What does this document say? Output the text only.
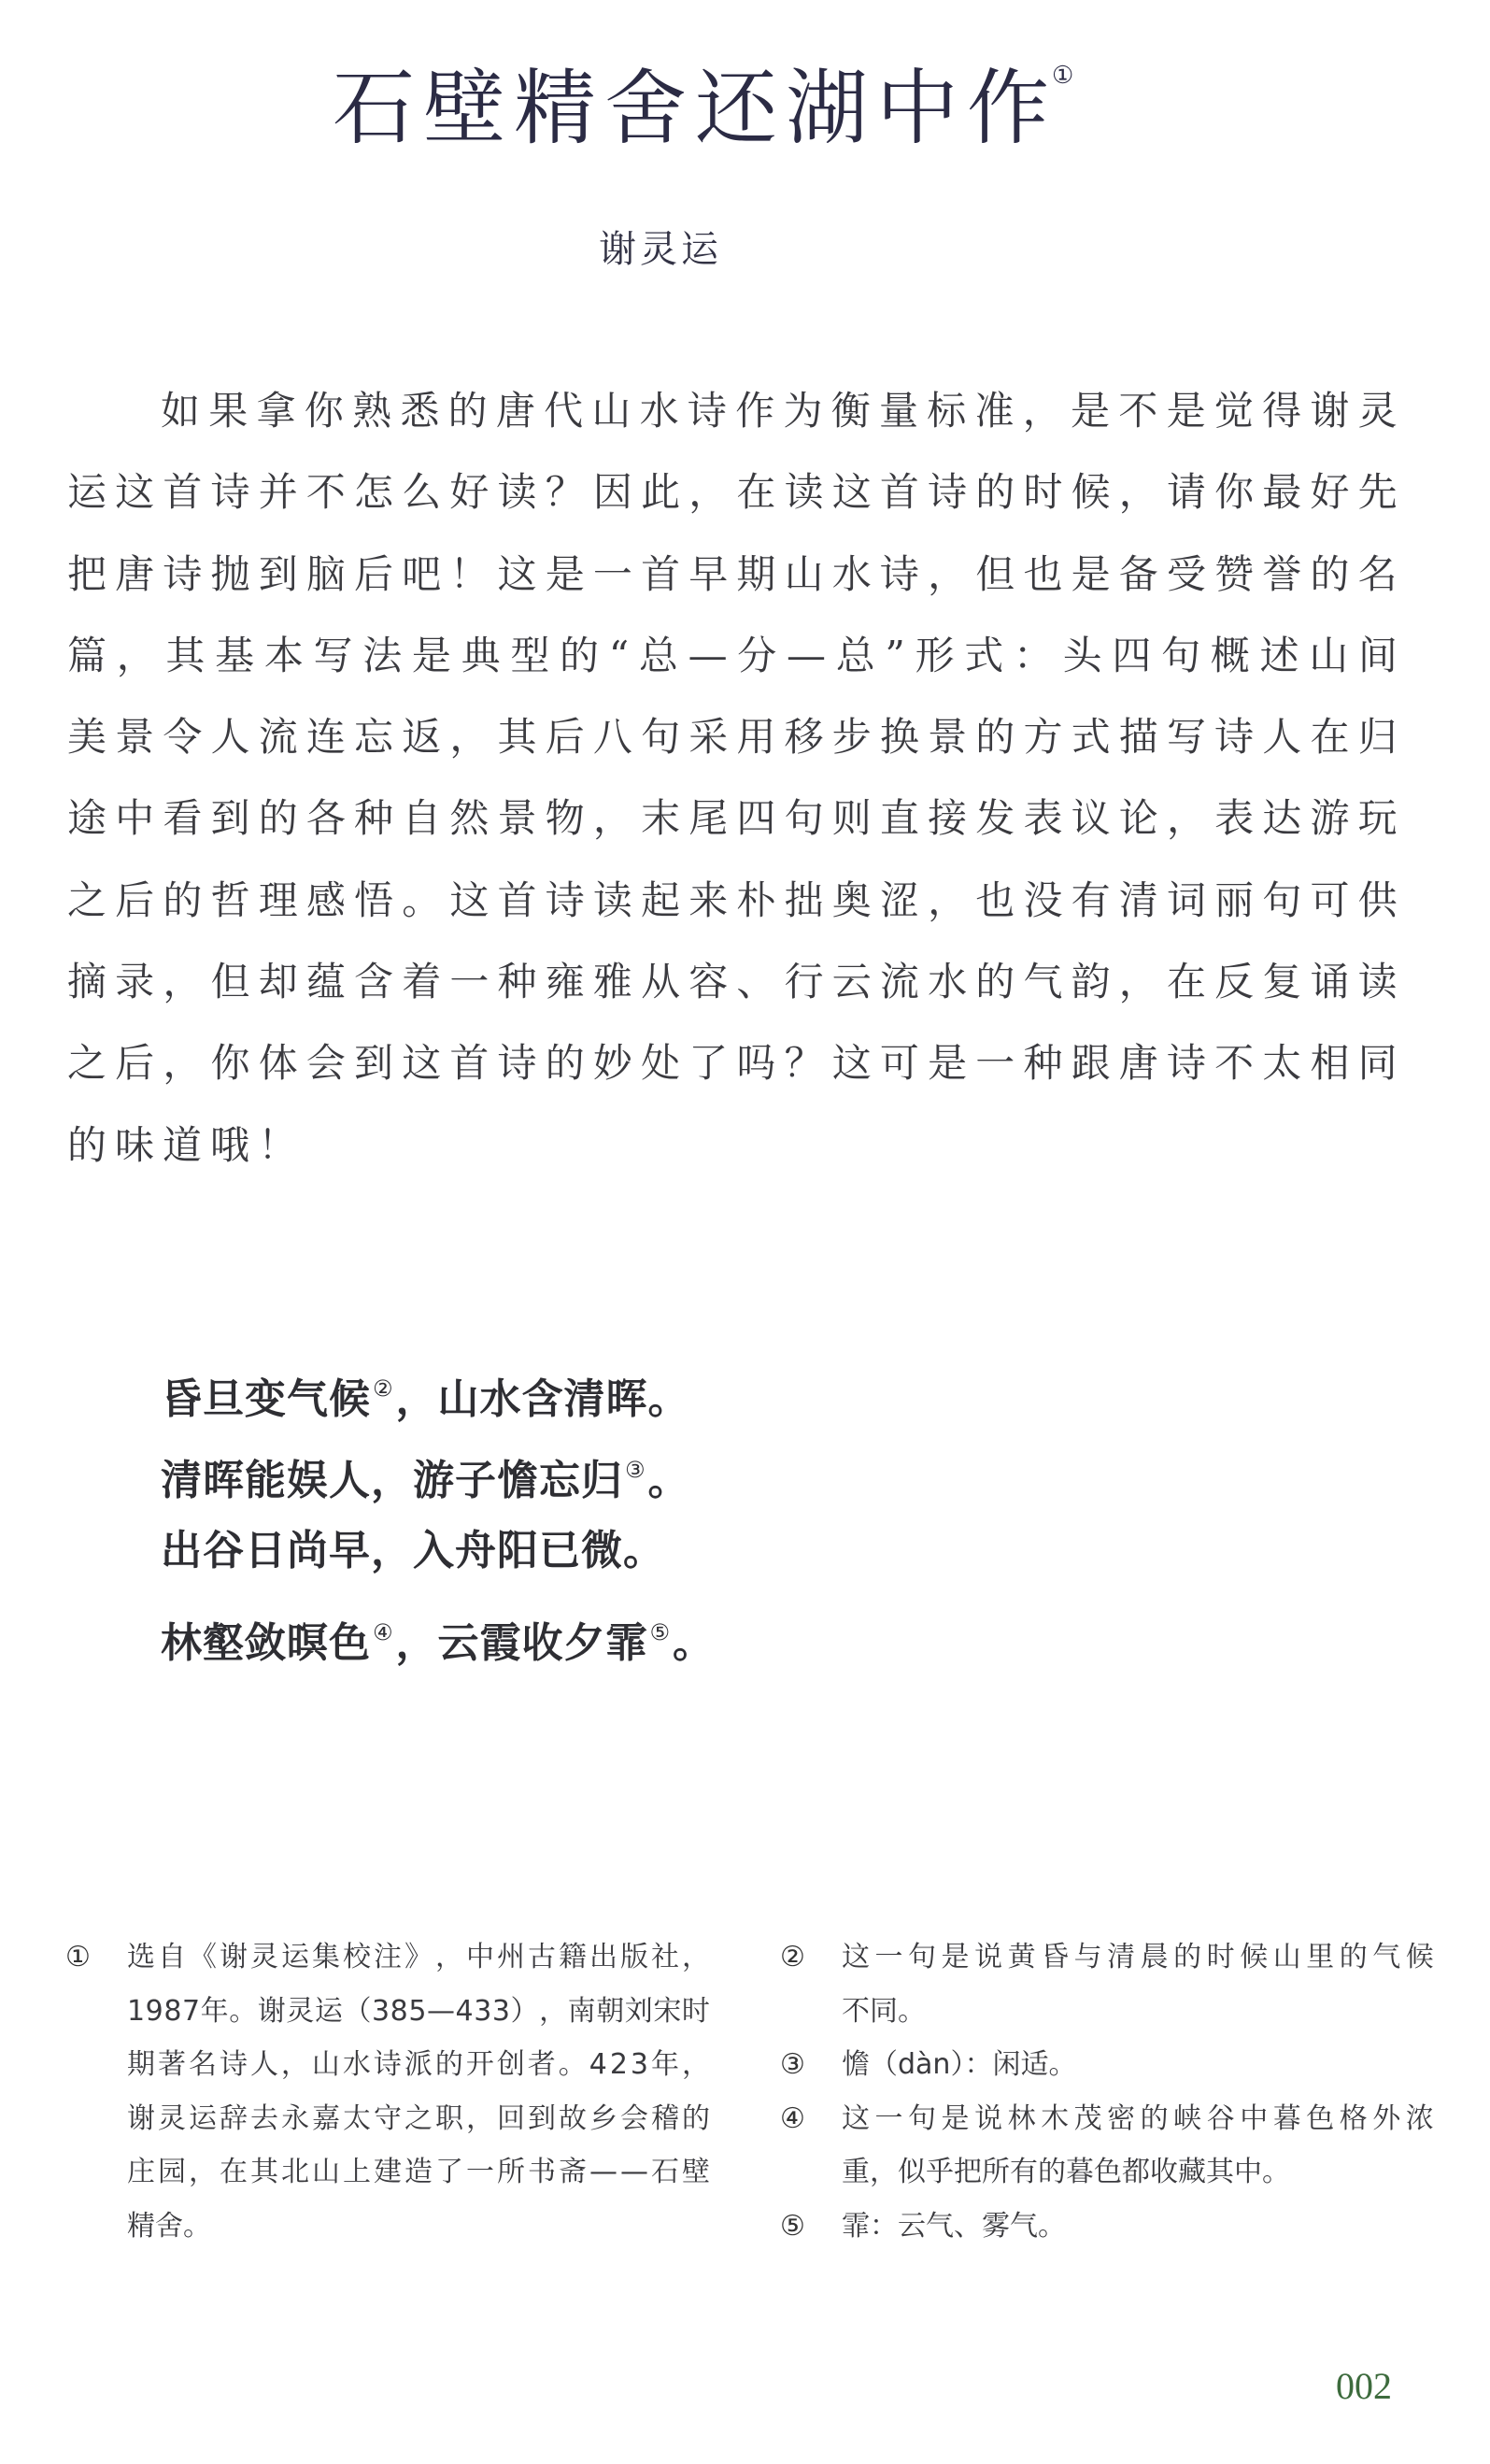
石壁精舍还湖中作
①
谢灵运
如 果 拿 你 熟 悉 的 唐 代 山 水 诗 作 为 衡 量 标 准 ， 是 不 是 觉 得 谢 灵
运 这 首 诗 并 不 怎 么 好 读 ？ 因 此 ， 在 读 这 首 诗 的 时 候 ， 请 你 最 好 先
把 唐 诗 抛 到 脑 后 吧 ！ 这 是 一 首 早 期 山 水 诗 ， 但 也 是 备 受 赞 誉 的 名
篇 ， 其 基 本 写 法 是 典 型 的 “ 总 — 分 — 总 ” 形 式 ： 头 四 句 概 述 山 间
美 景 令 人 流 连 忘 返 ， 其 后 八 句 采 用 移 步 换 景 的 方 式 描 写 诗 人 在 归
途 中 看 到 的 各 种 自 然 景 物 ， 末 尾 四 句 则 直 接 发 表 议 论 ， 表 达 游 玩
之 后 的 哲 理 感 悟 。 这 首 诗 读 起 来 朴 拙 奥 涩 ， 也 没 有 清 词 丽 句 可 供
摘 录 ， 但 却 蕴 含 着 一 种 雍 雅 从 容 、 行 云 流 水 的 气 韵 ， 在 反 复 诵 读
之 后 ， 你 体 会 到 这 首 诗 的 妙 处 了 吗 ？ 这 可 是 一 种 跟 唐 诗 不 太 相 同
的 味 道 哦 ！
昏旦变气候②，山水含清晖。
清晖能娱人，游子憺忘归③。
出谷日尚早，入舟阳已微。
林壑敛暝色④，云霞收夕霏⑤。
① 选 自 《 谢 灵 运 集 校 注 》 ， 中 州 古 籍 出 版 社 ，
1 9 8 7 年 。 谢 灵 运 （ 3 8 5 — 4 3 3 ） ， 南 朝 刘 宋 时
期 著 名 诗 人 ， 山 水 诗 派 的 开 创 者 。 4 2 3 年 ，
谢 灵 运 辞 去 永 嘉 太 守 之 职 ， 回 到 故 乡 会 稽 的
庄 园 ， 在 其 北 山 上 建 造 了 一 所 书 斋 — — 石 壁
精舍。
② 这 一 句 是 说 黄 昏 与 清 晨 的 时 候 山 里 的 气 候
不同。
③ 憺（dàn）：闲适。
④ 这 一 句 是 说 林 木 茂 密 的 峡 谷 中 暮 色 格 外 浓
重，似乎把所有的暮色都收藏其中。
⑤ 霏：云气、雾气。
002
